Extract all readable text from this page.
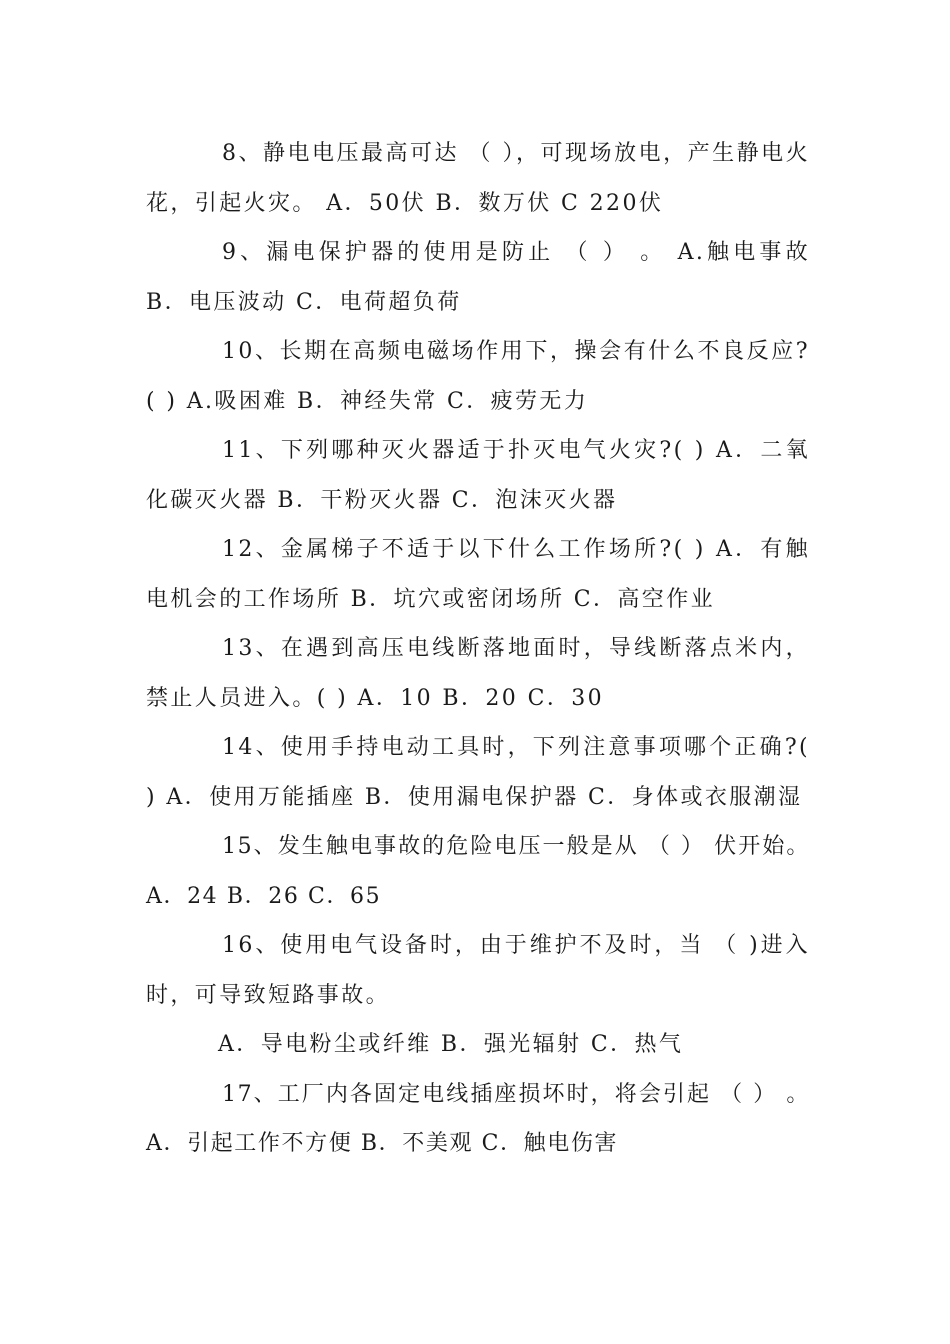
8、静电电压最高可达 （ ），可现场放电，产生静电火花，引起火灾。 A．50伏 B．数万伏 C 220伏

9、漏电保护器的使用是防止 （ ） 。 A.触电事故 B．电压波动 C．电荷超负荷

10、长期在高频电磁场作用下，操会有什么不良反应?( ) A.吸困难 B．神经失常 C．疲劳无力

11、下列哪种灭火器适于扑灭电气火灾?( ) A．二氧化碳灭火器 B．干粉灭火器 C．泡沫灭火器

12、金属梯子不适于以下什么工作场所?( ) A．有触电机会的工作场所 B．坑穴或密闭场所 C．高空作业

13、在遇到高压电线断落地面时，导线断落点米内，禁止人员进入。( ) A．10 B．20 C．30

14、使用手持电动工具时，下列注意事项哪个正确?( ) A．使用万能插座 B．使用漏电保护器 C．身体或衣服潮湿

15、发生触电事故的危险电压一般是从 （ ） 伏开始。 A．24 B．26 C．65

16、使用电气设备时，由于维护不及时，当 （ )进入时，可导致短路事故。

A．导电粉尘或纤维 B．强光辐射 C．热气

17、工厂内各固定电线插座损坏时，将会引起 （ ） 。 A．引起工作不方便 B．不美观 C．触电伤害
